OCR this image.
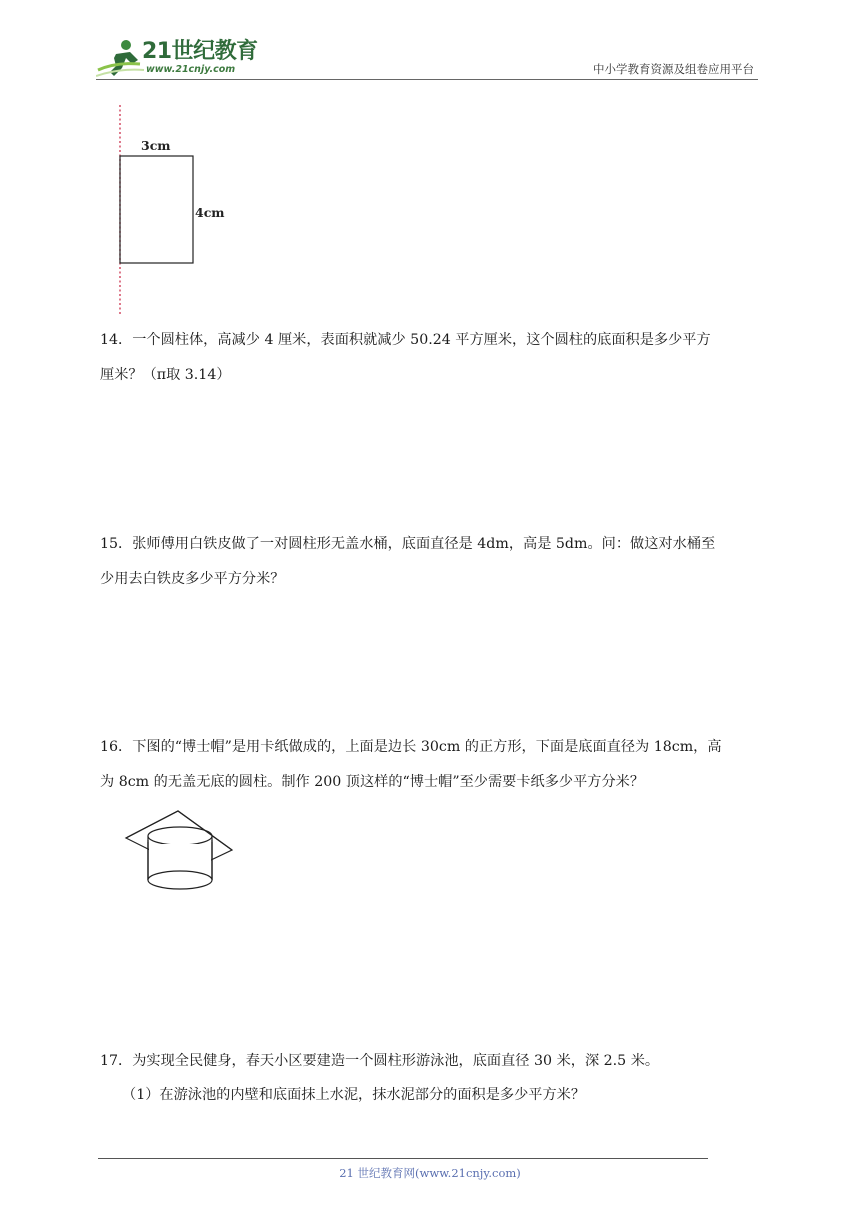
21世纪教育
www.21cnjy.com	中小学教育资源及组卷应用平台
3cm
4cm
14．一个圆柱体，高减少 4 厘米，表面积就减少 50.24 平方厘米，这个圆柱的底面积是多少平方
厘米？（π取 3.14）
15．张师傅用白铁皮做了一对圆柱形无盖水桶，底面直径是 4dm，高是 5dm。问：做这对水桶至
少用去白铁皮多少平方分米？
16．下图的“博士帽”是用卡纸做成的，上面是边长 30cm 的正方形，下面是底面直径为 18cm，高
为 8cm 的无盖无底的圆柱。制作 200 顶这样的“博士帽”至少需要卡纸多少平方分米？
17．为实现全民健身，春天小区要建造一个圆柱形游泳池，底面直径 30 米，深 2.5 米。
（1）在游泳池的内壁和底面抹上水泥，抹水泥部分的面积是多少平方米？
21 世纪教育网(www.21cnjy.com)
